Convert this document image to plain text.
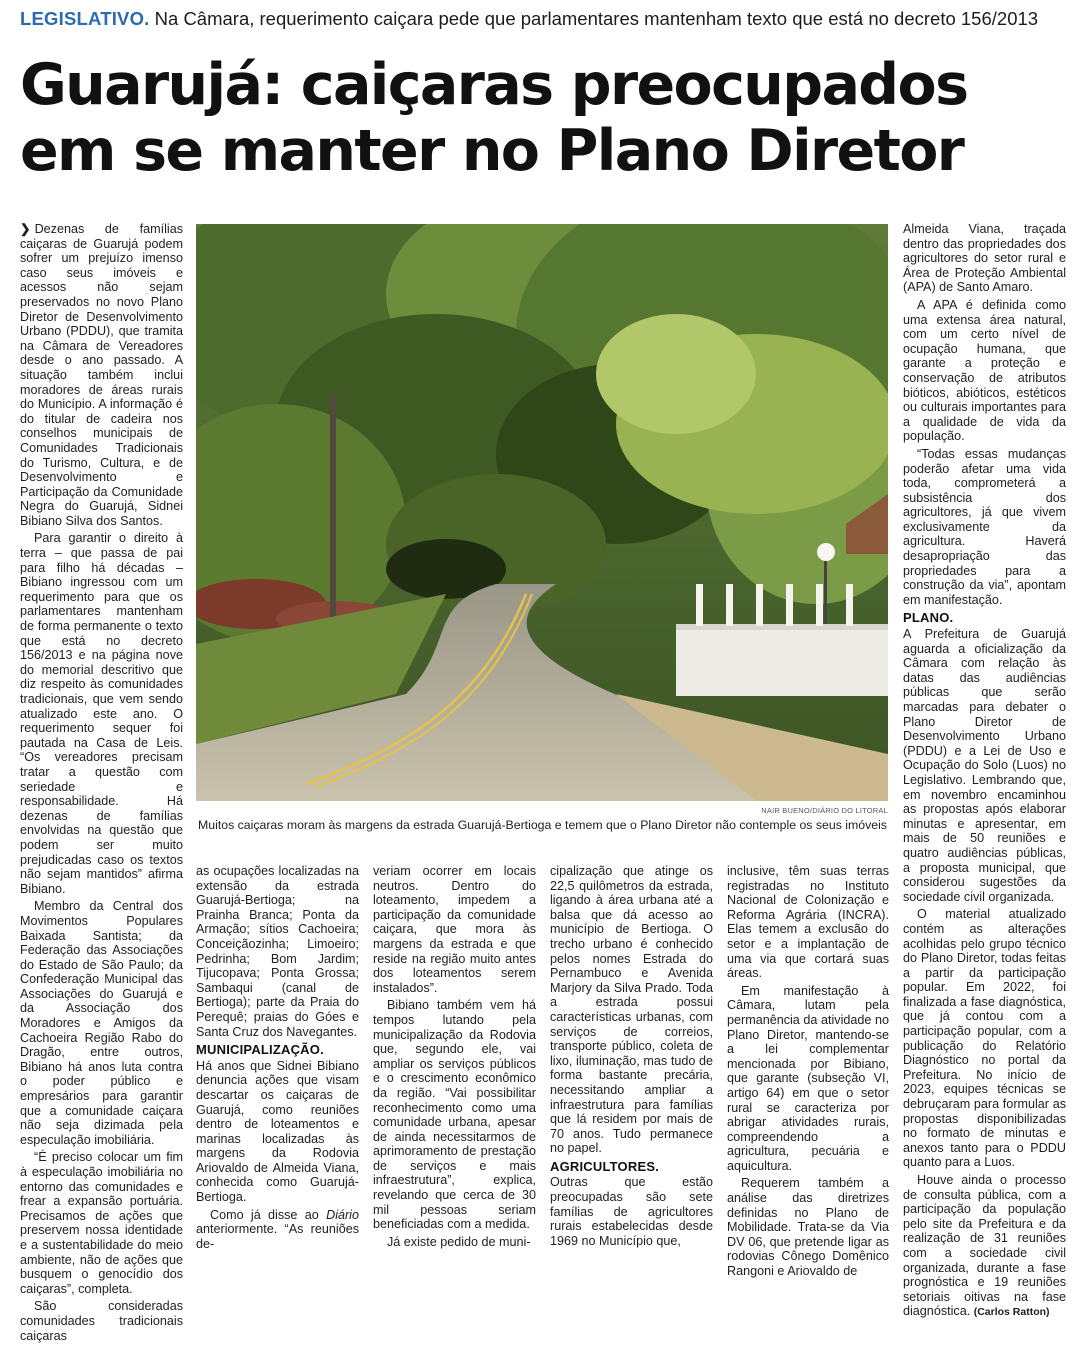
LEGISLATIVO. Na Câmara, requerimento caiçara pede que parlamentares mantenham texto que está no decreto 156/2013
Guarujá: caiçaras preocupados
em se manter no Plano Diretor

❯ Dezenas de famílias caiçaras de Guarujá podem sofrer um prejuízo imenso caso seus imóveis e acessos não sejam preservados no novo Plano Diretor de Desenvolvimento Urbano (PDDU), que tramita na Câmara de Vereadores desde o ano passado. A situação também inclui moradores de áreas rurais do Município. A informação é do titular de cadeira nos conselhos municipais de Comunidades Tradicionais do Turismo, Cultura, e de Desenvolvimento e Participação da Comunidade Negra do Guarujá, Sidnei Bibiano Silva dos Santos.

Para garantir o direito à terra – que passa de pai para filho há décadas – Bibiano ingressou com um requerimento para que os parlamentares mantenham de forma permanente o texto que está no decreto 156/2013 e na página nove do memorial descritivo que diz respeito às comunidades tradicionais, que vem sendo atualizado este ano. O requerimento sequer foi pautada na Casa de Leis. “Os vereadores precisam tratar a questão com seriedade e responsabilidade. Há dezenas de famílias envolvidas na questão que podem ser muito prejudicadas caso os textos não sejam mantidos” afirma Bibiano.

Membro da Central dos Movimentos Populares Baixada Santista; da Federação das Associações do Estado de São Paulo; da Confederação Municipal das Associações do Guarujá e da Associação dos Moradores e Amigos da Cachoeira Região Rabo do Dragão, entre outros, Bibiano há anos luta contra o poder público e empresários para garantir que a comunidade caiçara não seja dizimada pela especulação imobiliária.

“É preciso colocar um fim à especulação imobiliária no entorno das comunidades e frear a expansão portuária. Precisamos de ações que preservem nossa identidade e a sustentabilidade do meio ambiente, não de ações que busquem o genocídio dos caiçaras”, completa.

São consideradas comunidades tradicionais caiçaras

NAIR BUENO/DIÁRIO DO LITORAL
Muitos caiçaras moram às margens da estrada Guarujá-Bertioga e temem que o Plano Diretor não contemple os seus imóveis

as ocupações localizadas na extensão da estrada Guarujá-Bertioga; na Prainha Branca; Ponta da Armação; sítios Cachoeira; Conceiçãozinha; Limoeiro; Pedrinha; Bom Jardim; Tijucopava; Ponta Grossa; Sambaqui (canal de Bertioga); parte da Praia do Perequê; praias do Góes e Santa Cruz dos Navegantes.

MUNICIPALIZAÇÃO.

Há anos que Sidnei Bibiano denuncia ações que visam descartar os caiçaras de Guarujá, como reuniões dentro de loteamentos e marinas localizadas às margens da Rodovia Ariovaldo de Almeida Viana, conhecida como Guarujá-Bertioga.

Como já disse ao Diário anteriormente. “As reuniões de-

veriam ocorrer em locais neutros. Dentro do loteamento, impedem a participação da comunidade caiçara, que mora às margens da estrada e que reside na região muito antes dos loteamentos serem instalados”.

Bibiano também vem há tempos lutando pela municipalização da Rodovia que, segundo ele, vai ampliar os serviços públicos e o crescimento econômico da região. “Vai possibilitar reconhecimento como uma comunidade urbana, apesar de ainda necessitarmos de aprimoramento de prestação de serviços e mais infraestrutura”, explica, revelando que cerca de 30 mil pessoas seriam beneficiadas com a medida.

Já existe pedido de muni-

cipalização que atinge os 22,5 quilômetros da estrada, ligando à área urbana até a balsa que dá acesso ao município de Bertioga. O trecho urbano é conhecido pelos nomes Estrada do Pernambuco e Avenida Marjory da Silva Prado. Toda a estrada possui características urbanas, com serviços de correios, transporte público, coleta de lixo, iluminação, mas tudo de forma bastante precária, necessitando ampliar a infraestrutura para famílias que lá residem por mais de 70 anos. Tudo permanece no papel.

AGRICULTORES.

Outras que estão preocupadas são sete famílias de agricultores rurais estabelecidas desde 1969 no Município que,

inclusive, têm suas terras registradas no Instituto Nacional de Colonização e Reforma Agrária (INCRA). Elas temem a exclusão do setor e a implantação de uma via que cortará suas áreas.

Em manifestação à Câmara, lutam pela permanência da atividade no Plano Diretor, mantendo-se a lei complementar mencionada por Bibiano, que garante (subseção VI, artigo 64) em que o setor rural se caracteriza por abrigar atividades rurais, compreendendo a agricultura, pecuária e aquicultura.

Requerem também a análise das diretrizes definidas no Plano de Mobilidade. Trata-se da Via DV 06, que pretende ligar as rodovias Cônego Domênico Rangoni e Ariovaldo de

Almeida Viana, traçada dentro das propriedades dos agricultores do setor rural e Área de Proteção Ambiental (APA) de Santo Amaro.

A APA é definida como uma extensa área natural, com um certo nível de ocupação humana, que garante a proteção e conservação de atributos bióticos, abióticos, estéticos ou culturais importantes para a qualidade de vida da população.

“Todas essas mudanças poderão afetar uma vida toda, comprometerá a subsistência dos agricultores, já que vivem exclusivamente da agricultura. Haverá desapropriação das propriedades para a construção da via”, apontam em manifestação.

PLANO.

A Prefeitura de Guarujá aguarda a oficialização da Câmara com relação às datas das audiências públicas que serão marcadas para debater o Plano Diretor de Desenvolvimento Urbano (PDDU) e a Lei de Uso e Ocupação do Solo (Luos) no Legislativo. Lembrando que, em novembro encaminhou as propostas após elaborar minutas e apresentar, em mais de 50 reuniões e quatro audiências públicas, a proposta municipal, que considerou sugestões da sociedade civil organizada.

O material atualizado contém as alterações acolhidas pelo grupo técnico do Plano Diretor, todas feitas a partir da participação popular. Em 2022, foi finalizada a fase diagnóstica, que já contou com a participação popular, com a publicação do Relatório Diagnóstico no portal da Prefeitura. No início de 2023, equipes técnicas se debruçaram para formular as propostas disponibilizadas no formato de minutas e anexos tanto para o PDDU quanto para a Luos.

Houve ainda o processo de consulta pública, com a participação da população pelo site da Prefeitura e da realização de 31 reuniões com a sociedade civil organizada, durante a fase prognóstica e 19 reuniões setoriais oitivas na fase diagnóstica. (Carlos Ratton)
